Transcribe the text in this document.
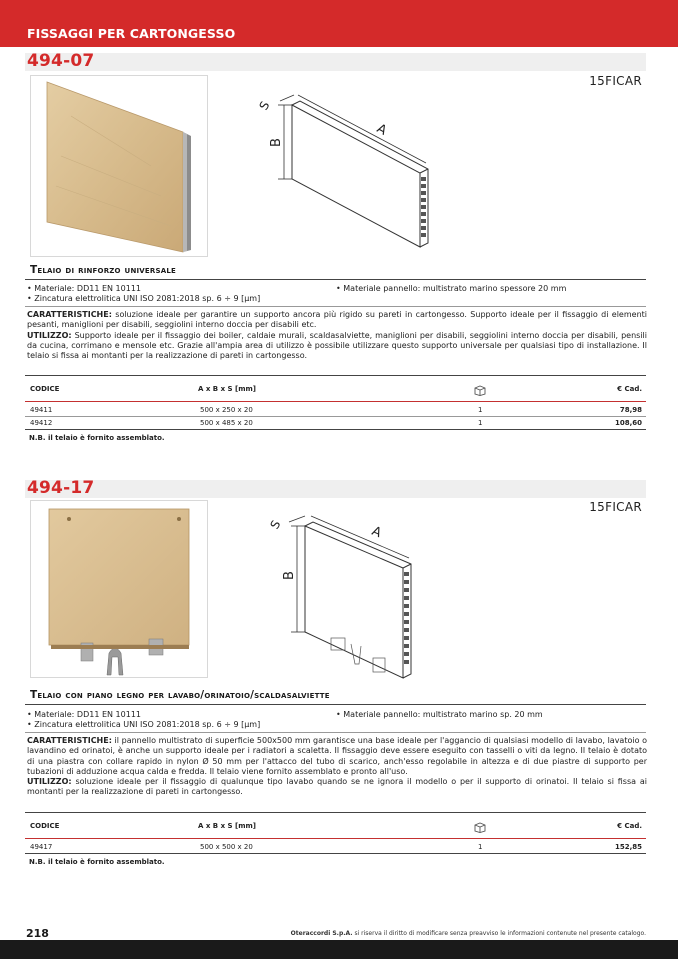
FISSAGGI PER CARTONGESSO
494-07
15FICAR
A
B
S
Telaio di rinforzo universale
• Materiale: DD11 EN 10111
• Zincatura elettrolitica UNI ISO 2081:2018 sp. 6 ÷ 9 [μm]
• Materiale pannello: multistrato marino spessore 20 mm
CARATTERISTICHE: soluzione ideale per garantire un supporto ancora più rigido su pareti in cartongesso. Supporto ideale per il fissaggio di elementi pesanti, maniglioni per disabili, seggiolini interno doccia per disabili etc.
UTILIZZO: Supporto ideale per il fissaggio dei boiler, caldaie murali, scaldasalviette, maniglioni per disabili, seggiolini interno doccia per disabili, pensili da cucina, corrimano e mensole etc. Grazie all'ampia area di utilizzo è possibile utilizzare questo supporto universale per qualsiasi tipo di installazione. Il telaio si fissa ai montanti per la realizzazione di pareti in cartongesso.
CODICE	A x B x S [mm]	€ Cad.
49411	500 x 250 x 20	1	78,98
49412	500 x 485 x 20	1	108,60
N.B. il telaio è fornito assemblato.
494-17
15FICAR
A
B
S
Telaio con piano legno per lavabo/orinatoio/scaldasalviette
• Materiale: DD11 EN 10111
• Zincatura elettrolitica UNI ISO 2081:2018 sp. 6 ÷ 9 [μm]
• Materiale pannello: multistrato marino sp. 20 mm
CARATTERISTICHE: il pannello multistrato di superficie 500x500 mm garantisce una base ideale per l'aggancio di qualsiasi modello di lavabo, lavatoio o lavandino ed orinatoi, è anche un supporto ideale per i radiatori a scaletta. Il fissaggio deve essere eseguito con tasselli o viti da legno. Il telaio è dotato di una piastra con collare rapido in nylon Ø 50 mm per l'attacco del tubo di scarico, anch'esso regolabile in altezza e di due piastre di supporto per tubazioni di adduzione acqua calda e fredda. Il telaio viene fornito assemblato e pronto all'uso.
UTILIZZO: soluzione ideale per il fissaggio di qualunque tipo lavabo quando se ne ignora il modello o per il supporto di orinatoi. Il telaio si fissa ai montanti per la realizzazione di pareti in cartongesso.
CODICE	A x B x S [mm]	€ Cad.
49417	500 x 500 x 20	1	152,85
N.B. il telaio è fornito assemblato.
218	Oteraccordi S.p.A. si riserva il diritto di modificare senza preavviso le informazioni contenute nel presente catalogo.
